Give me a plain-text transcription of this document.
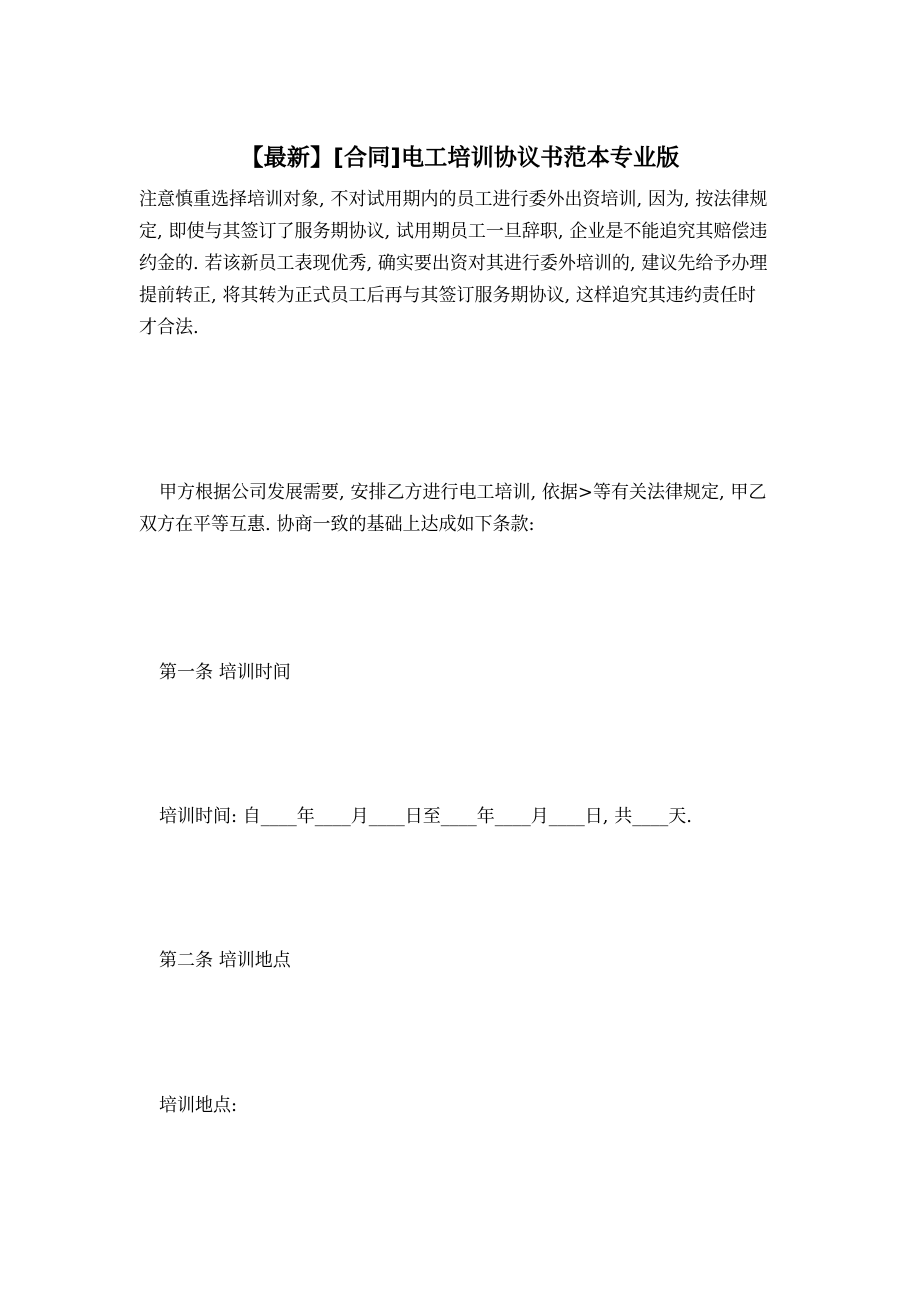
【最新】[合同]电工培训协议书范本专业版
注意慎重选择培训对象, 不对试用期内的员工进行委外出资培训, 因为, 按法律规
定, 即使与其签订了服务期协议, 试用期员工一旦辞职, 企业是不能追究其赔偿违
约金的. 若该新员工表现优秀, 确实要出资对其进行委外培训的, 建议先给予办理
提前转正, 将其转为正式员工后再与其签订服务期协议, 这样追究其违约责任时
才合法.
甲方根据公司发展需要, 安排乙方进行电工培训, 依据>等有关法律规定, 甲乙
双方在平等互惠. 协商一致的基础上达成如下条款:
第一条 培训时间
培训时间: 自____年____月____日至____年____月____日, 共____天.
第二条 培训地点
培训地点:
